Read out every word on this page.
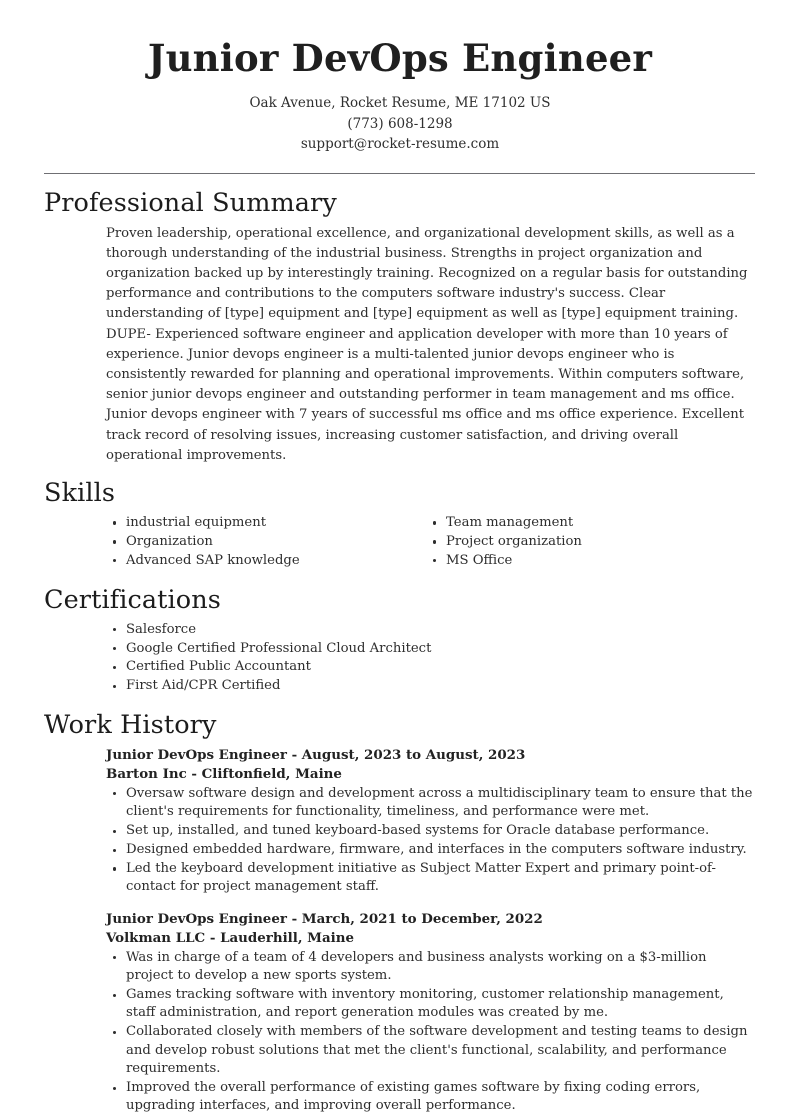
Junior DevOps Engineer
Oak Avenue, Rocket Resume, ME 17102 US
(773) 608-1298
support@rocket-resume.com
Professional Summary

Proven leadership, operational excellence, and organizational development skills, as well as a thorough understanding of the industrial business. Strengths in project organization and organization backed up by interestingly training. Recognized on a regular basis for outstanding performance and contributions to the computers software industry's success. Clear understanding of [type] equipment and [type] equipment as well as [type] equipment training. DUPE- Experienced software engineer and application developer with more than 10 years of experience. Junior devops engineer is a multi-talented junior devops engineer who is consistently rewarded for planning and operational improvements. Within computers software, senior junior devops engineer and outstanding performer in team management and ms office. Junior devops engineer with 7 years of successful ms office and ms office experience. Excellent track record of resolving issues, increasing customer satisfaction, and driving overall operational improvements.

Skills
industrial equipment
Organization
Advanced SAP knowledge
Team management
Project organization
MS Office
Certifications
Salesforce
Google Certified Professional Cloud Architect
Certified Public Accountant
First Aid/CPR Certified
Work History
Junior DevOps Engineer - August, 2023 to August, 2023
Barton Inc - Cliftonfield, Maine
Oversaw software design and development across a multidisciplinary team to ensure that the client's requirements for functionality, timeliness, and performance were met.
Set up, installed, and tuned keyboard-based systems for Oracle database performance.
Designed embedded hardware, firmware, and interfaces in the computers software industry.
Led the keyboard development initiative as Subject Matter Expert and primary point-of-contact for project management staff.
Junior DevOps Engineer - March, 2021 to December, 2022
Volkman LLC - Lauderhill, Maine
Was in charge of a team of 4 developers and business analysts working on a $3-million project to develop a new sports system.
Games tracking software with inventory monitoring, customer relationship management, staff administration, and report generation modules was created by me.
Collaborated closely with members of the software development and testing teams to design and develop robust solutions that met the client's functional, scalability, and performance requirements.
Improved the overall performance of existing games software by fixing coding errors, upgrading interfaces, and improving overall performance.
